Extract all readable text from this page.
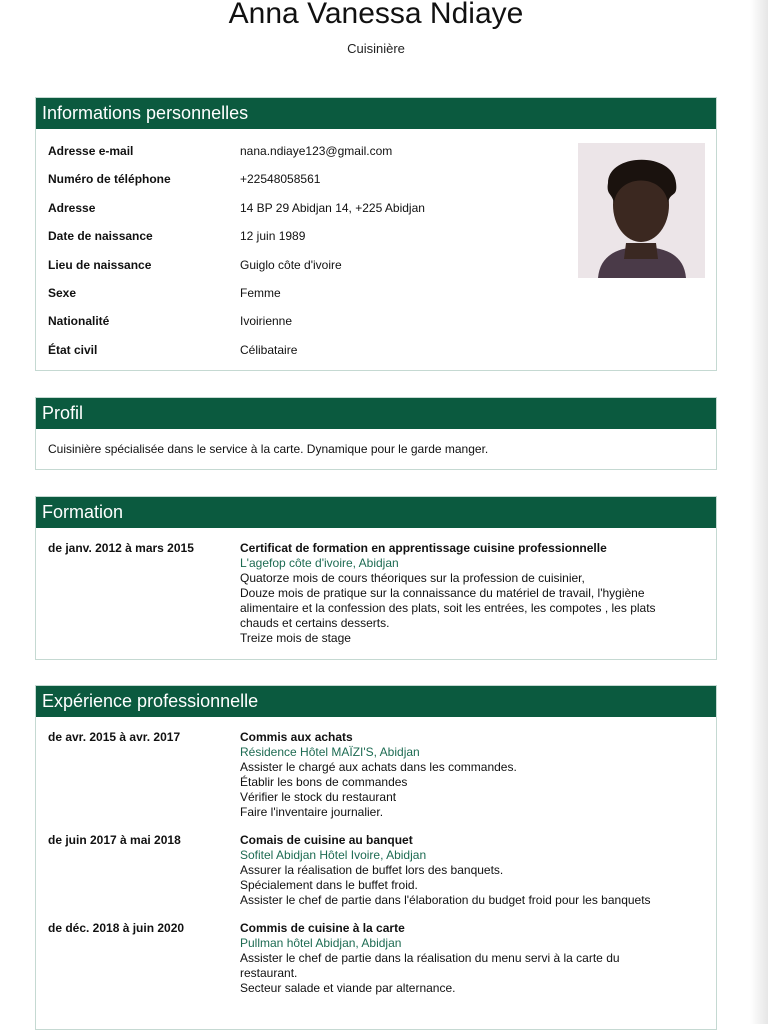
Anna Vanessa Ndiaye
Cuisinière
Informations personnelles
Adresse e-mail	nana.ndiaye123@gmail.com
Numéro de téléphone	+22548058561
Adresse	14 BP 29 Abidjan 14, +225 Abidjan
Date de naissance	12 juin 1989
Lieu de naissance	Guiglo côte d'ivoire
Sexe	Femme
Nationalité	Ivoirienne
État civil	Célibataire
Profil
Cuisinière spécialisée dans le service à la carte. Dynamique pour le garde manger.
Formation
de janv. 2012 à mars 2015	Certificat de formation en apprentissage cuisine professionnelle
L'agefop côte d'ivoire, Abidjan
Quatorze mois de cours théoriques sur la profession de cuisinier,
Douze mois de pratique sur la connaissance du matériel de travail, l'hygiène
alimentaire et la confession des plats, soit les entrées, les compotes , les plats
chauds et certains desserts.
Treize mois de stage
Expérience professionnelle
de avr. 2015 à avr. 2017	Commis aux achats
Résidence Hôtel MAÏZI'S, Abidjan
Assister le chargé aux achats dans les commandes.
Établir les bons de commandes
Vérifier le stock du restaurant
Faire l'inventaire journalier.
de juin 2017 à mai 2018	Comais de cuisine au banquet
Sofitel Abidjan Hôtel Ivoire, Abidjan
Assurer la réalisation de buffet lors des banquets.
Spécialement dans le buffet froid.
Assister le chef de partie dans l'élaboration du budget froid pour les banquets
de déc. 2018 à juin 2020	Commis de cuisine à la carte
Pullman hôtel Abidjan, Abidjan
Assister le chef de partie dans la réalisation du menu servi à la carte du
restaurant.
Secteur salade et viande par alternance.
